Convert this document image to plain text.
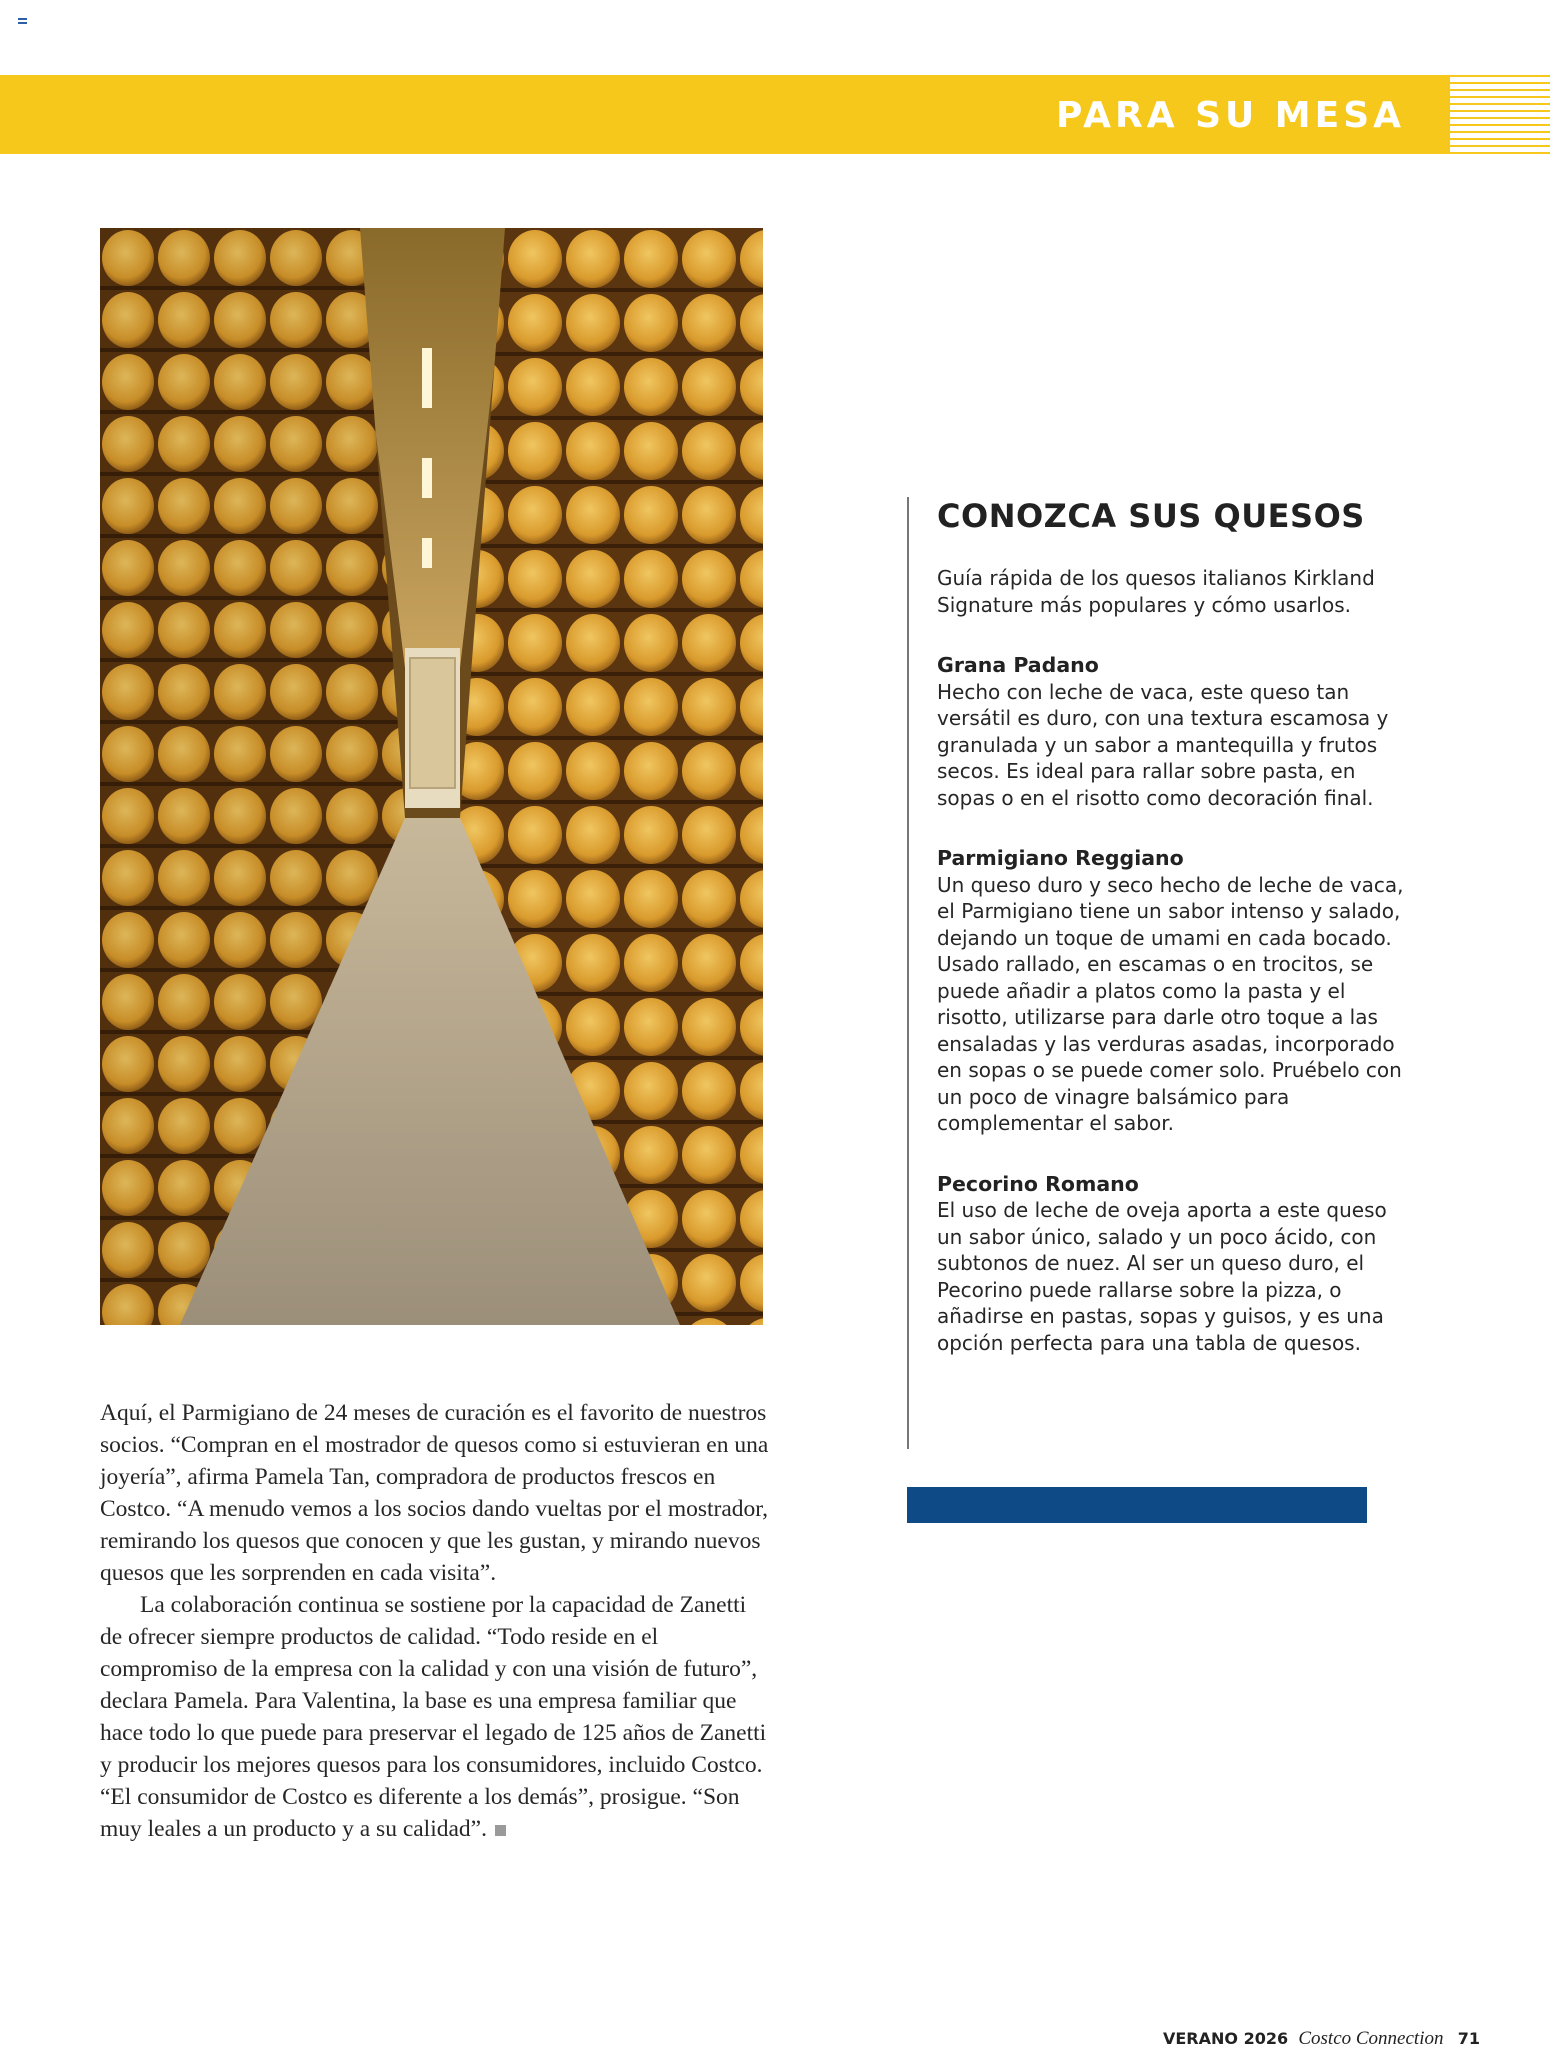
PARA SU MESA

Aquí, el Parmigiano de 24 meses de curación es el favorito de nuestros socios. “Compran en el mostrador de quesos como si estuvieran en una joyería”, afirma Pamela Tan, compradora de productos frescos en Costco. “A menudo vemos a los socios dando vueltas por el mostrador, remirando los quesos que conocen y que les gustan, y mirando nuevos quesos que les sorprenden en cada visita”.

La colaboración continua se sostiene por la capacidad de Zanetti de ofrecer siempre productos de calidad. “Todo reside en el compromiso de la empresa con la calidad y con una visión de futuro”, declara Pamela. Para Valentina, la base es una empresa familiar que hace todo lo que puede para preservar el legado de 125 años de Zanetti y producir los mejores quesos para los consumidores, incluido Costco. “El consumidor de Costco es diferente a los demás”, prosigue. “Son muy leales a un producto y a su calidad”.

CONOZCA SUS QUESOS

Guía rápida de los quesos italianos Kirkland Signature más populares y cómo usarlos.

Grana Padano

Hecho con leche de vaca, este queso tan versátil es duro, con una textura escamosa y granulada y un sabor a mantequilla y frutos secos. Es ideal para rallar sobre pasta, en sopas o en el risotto como decoración final.

Parmigiano Reggiano

Un queso duro y seco hecho de leche de vaca, el Parmigiano tiene un sabor intenso y salado, dejando un toque de umami en cada bocado. Usado rallado, en escamas o en trocitos, se puede añadir a platos como la pasta y el risotto, utilizarse para darle otro toque a las ensaladas y las verduras asadas, incorporado en sopas o se puede comer solo. Pruébelo con un poco de vinagre balsámico para complementar el sabor.

Pecorino Romano

El uso de leche de oveja aporta a este queso un sabor único, salado y un poco ácido, con subtonos de nuez. Al ser un queso duro, el Pecorino puede rallarse sobre la pizza, o añadirse en pastas, sopas y guisos, y es una opción perfecta para una tabla de quesos.

VERANO 2026 Costco Connection 71
